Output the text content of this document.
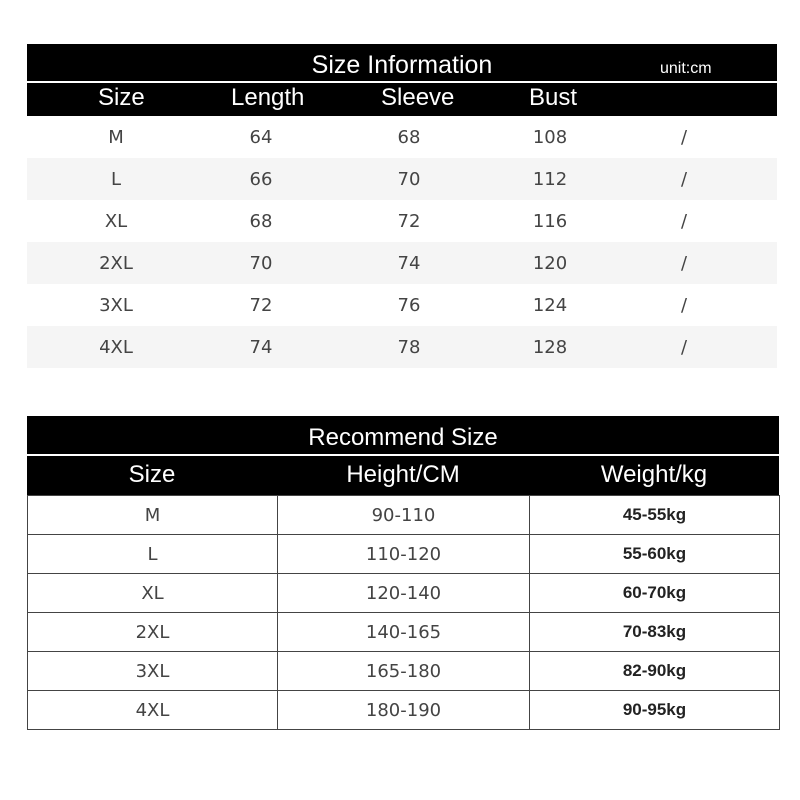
Size Information	unit:cm
Size	Length	Sleeve	Bust
M	64	68	108	/
L	66	70	112	/
XL	68	72	116	/
2XL	70	74	120	/
3XL	72	76	124	/
4XL	74	78	128	/
Recommend Size
Size	Height/CM	Weight/kg
M	90-110	45-55kg
L	110-120	55-60kg
XL	120-140	60-70kg
2XL	140-165	70-83kg
3XL	165-180	82-90kg
4XL	180-190	90-95kg
